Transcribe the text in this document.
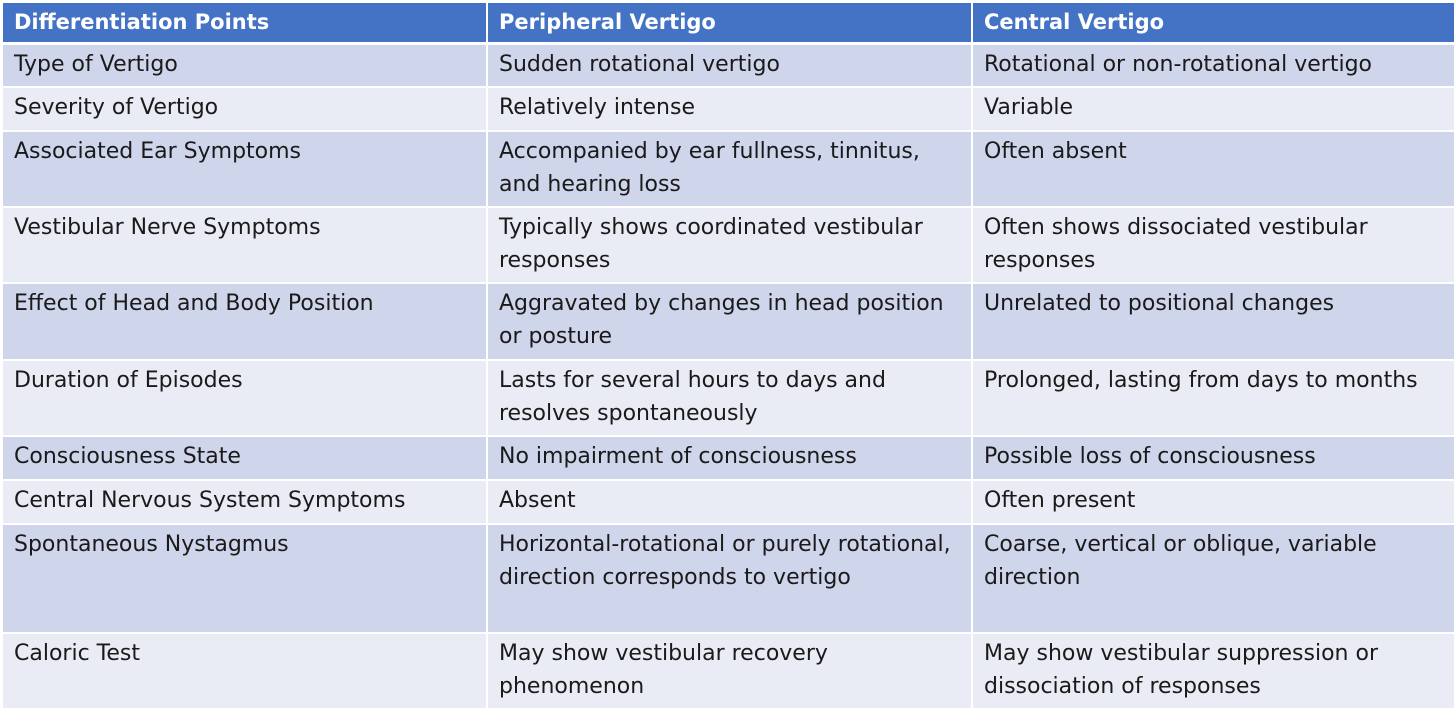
Differentiation Points	Peripheral Vertigo	Central Vertigo
Type of Vertigo	Sudden rotational vertigo	Rotational or non-rotational vertigo
Severity of Vertigo	Relatively intense	Variable
Associated Ear Symptoms	Accompanied by ear fullness, tinnitus, and hearing loss	Often absent
Vestibular Nerve Symptoms	Typically shows coordinated vestibular responses	Often shows dissociated vestibular responses
Effect of Head and Body Position	Aggravated by changes in head position or posture	Unrelated to positional changes
Duration of Episodes	Lasts for several hours to days and resolves spontaneously	Prolonged, lasting from days to months
Consciousness State	No impairment of consciousness	Possible loss of consciousness
Central Nervous System Symptoms	Absent	Often present
Spontaneous Nystagmus	Horizontal-rotational or purely rotational, direction corresponds to vertigo	Coarse, vertical or oblique, variable direction
Caloric Test	May show vestibular recovery phenomenon	May show vestibular suppression or dissociation of responses
